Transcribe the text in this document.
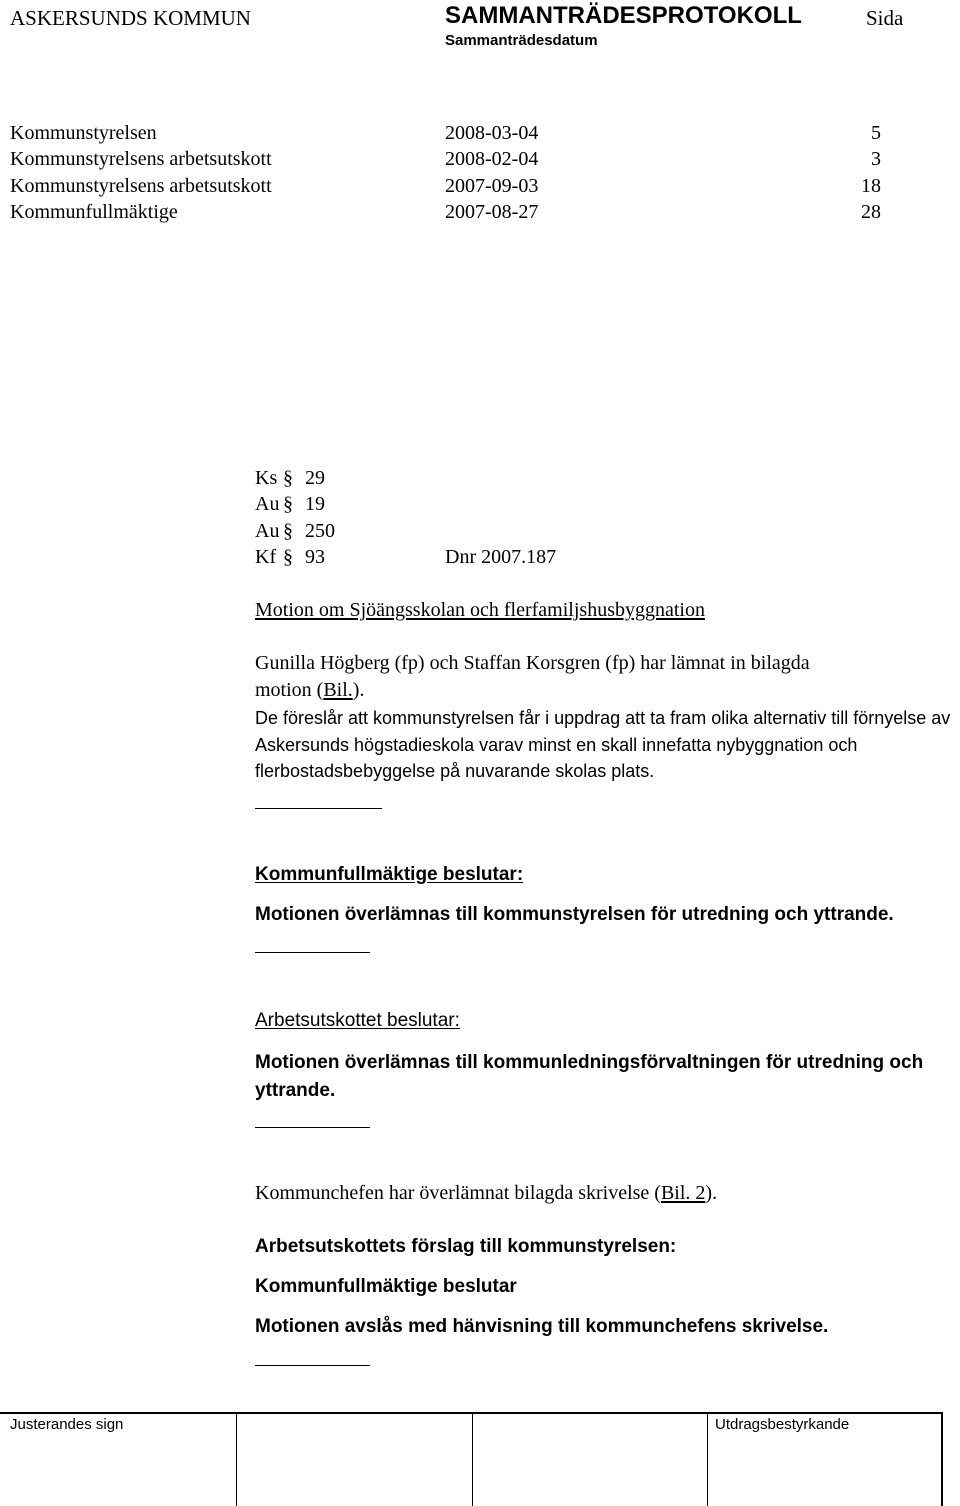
ASKERSUNDS KOMMUN	SAMMANTRÄDESPROTOKOLL	Sida
Sammanträdesdatum
Kommunstyrelsen	2008-03-04	5
Kommunstyrelsens arbetsutskott	2008-02-04	3
Kommunstyrelsens arbetsutskott	2007-09-03	18
Kommunfullmäktige	2007-08-27	28
Ks § 29
Au § 19
Au § 250
Kf § 93	Dnr 2007.187
Motion om Sjöängsskolan och flerfamiljshusbyggnation
Gunilla Högberg (fp) och Staffan Korsgren (fp) har lämnat in bilagda
motion (Bil.).
De föreslår att kommunstyrelsen får i uppdrag att ta fram olika alternativ till förnyelse av Askersunds högstadieskola varav minst en skall innefatta nybyggnation och flerbostadsbebyggelse på nuvarande skolas plats.
Kommunfullmäktige beslutar:
Motionen överlämnas till kommunstyrelsen för utredning och yttrande.
Arbetsutskottet beslutar:
Motionen överlämnas till kommunledningsförvaltningen för utredning och yttrande.
Kommunchefen har överlämnat bilagda skrivelse (Bil. 2).
Arbetsutskottets förslag till kommunstyrelsen:
Kommunfullmäktige beslutar
Motionen avslås med hänvisning till kommunchefens skrivelse.
Justerandes sign	Utdragsbestyrkande
